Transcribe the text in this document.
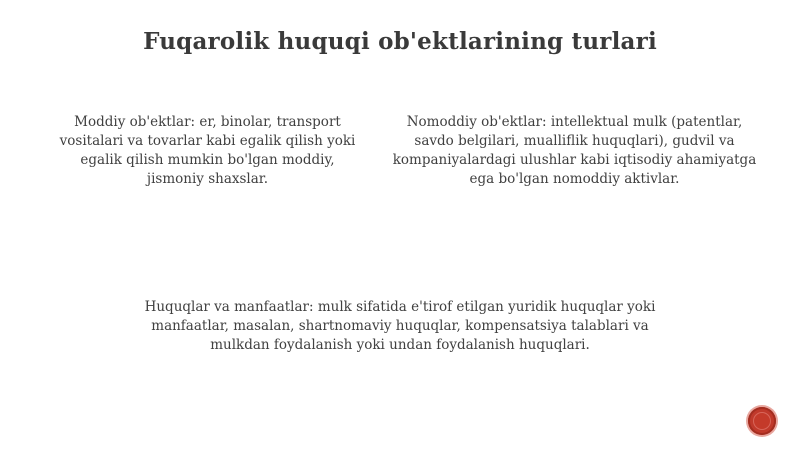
Fuqarolik huquqi ob'ektlarining turlari
Moddiy ob'ektlar: er, binolar, transport vositalari va tovarlar kabi egalik qilish yoki egalik qilish mumkin bo'lgan moddiy, jismoniy shaxslar.
Nomoddiy ob'ektlar: intellektual mulk (patentlar, savdo belgilari, mualliflik huquqlari), gudvil va kompaniyalardagi ulushlar kabi iqtisodiy ahamiyatga ega bo'lgan nomoddiy aktivlar.
Huquqlar va manfaatlar: mulk sifatida e'tirof etilgan yuridik huquqlar yoki manfaatlar, masalan, shartnomaviy huquqlar, kompensatsiya talablari va mulkdan foydalanish yoki undan foydalanish huquqlari.
